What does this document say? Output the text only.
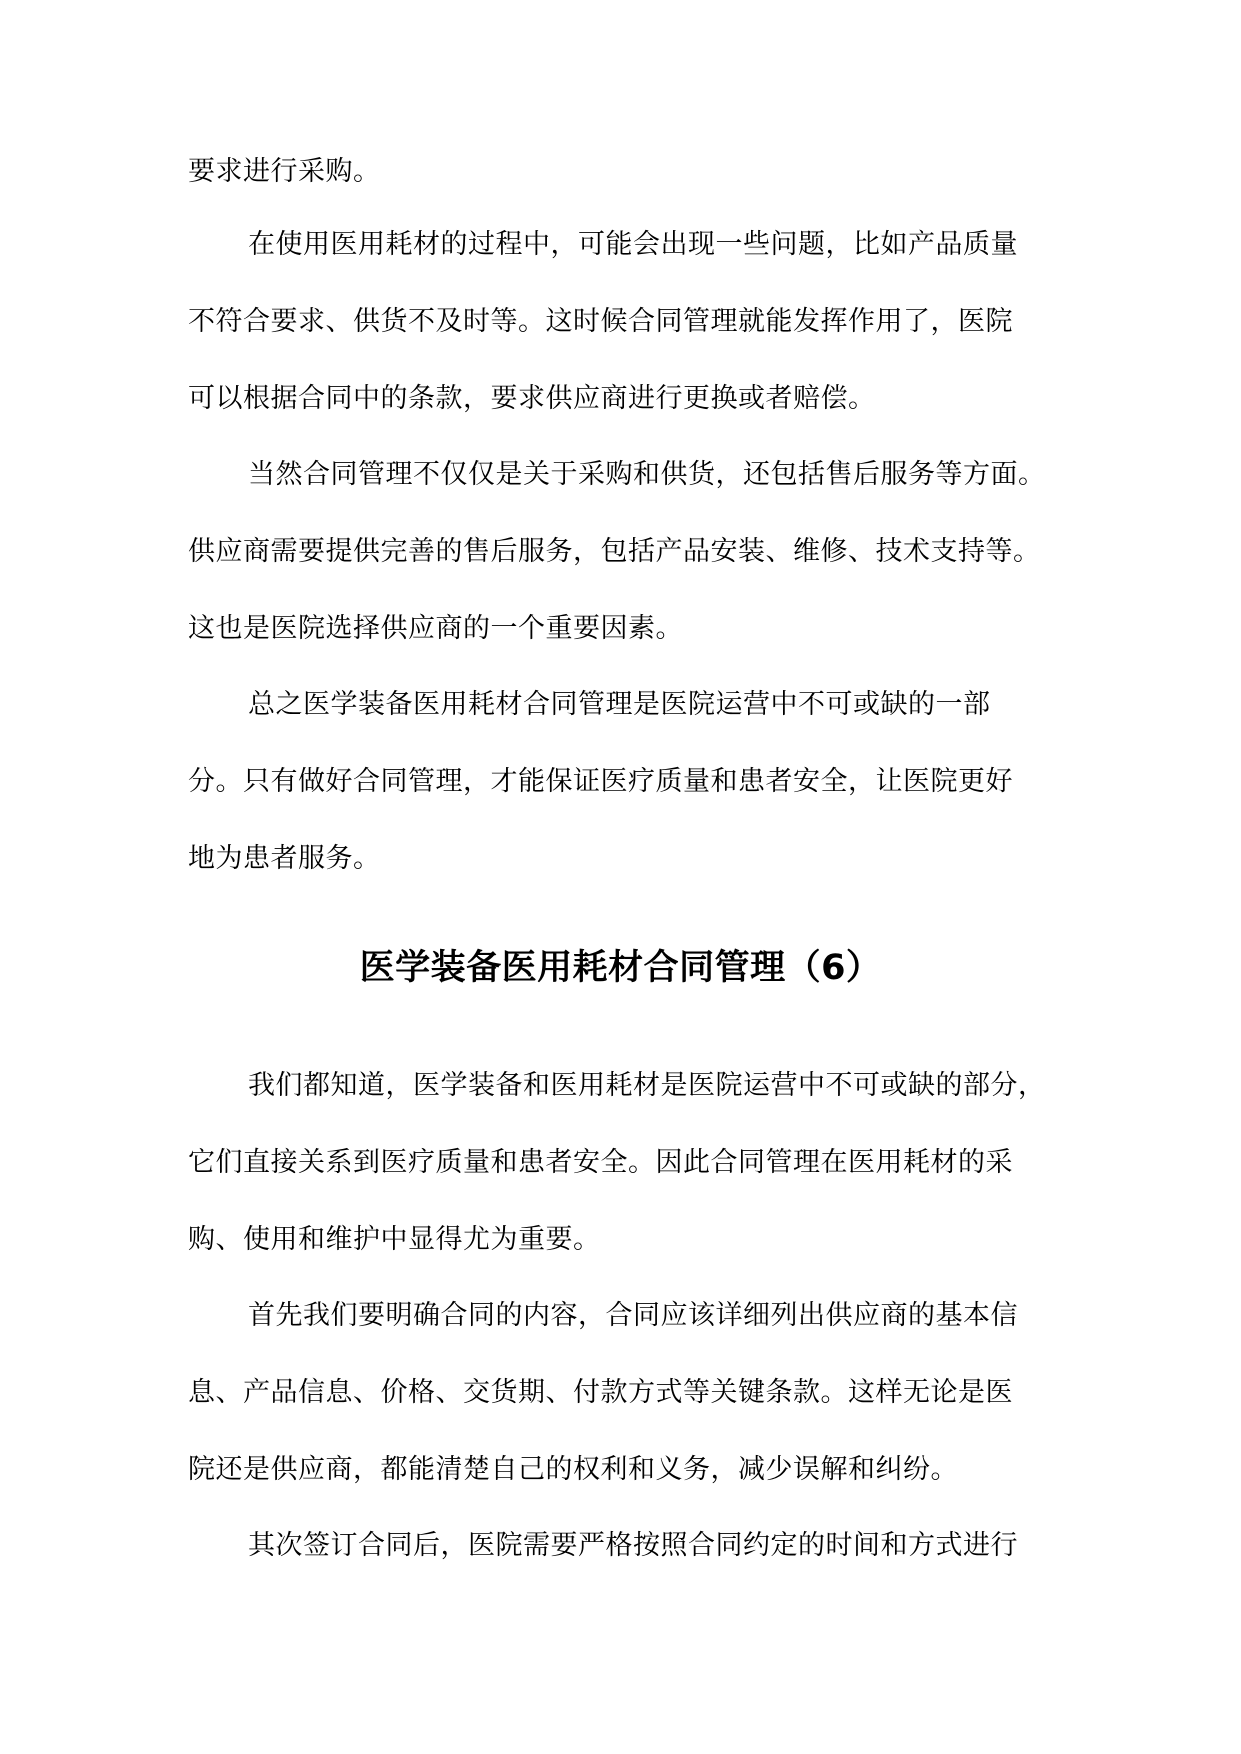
要求进行采购。
在使用医用耗材的过程中，可能会出现一些问题，比如产品质量
不符合要求、供货不及时等。这时候合同管理就能发挥作用了，医院
可以根据合同中的条款，要求供应商进行更换或者赔偿。
当然合同管理不仅仅是关于采购和供货，还包括售后服务等方面。
供应商需要提供完善的售后服务，包括产品安装、维修、技术支持等。
这也是医院选择供应商的一个重要因素。
总之医学装备医用耗材合同管理是医院运营中不可或缺的一部
分。只有做好合同管理，才能保证医疗质量和患者安全，让医院更好
地为患者服务。
医学装备医用耗材合同管理（6）
我们都知道，医学装备和医用耗材是医院运营中不可或缺的部分，
它们直接关系到医疗质量和患者安全。因此合同管理在医用耗材的采
购、使用和维护中显得尤为重要。
首先我们要明确合同的内容，合同应该详细列出供应商的基本信
息、产品信息、价格、交货期、付款方式等关键条款。这样无论是医
院还是供应商，都能清楚自己的权利和义务，减少误解和纠纷。
其次签订合同后，医院需要严格按照合同约定的时间和方式进行
